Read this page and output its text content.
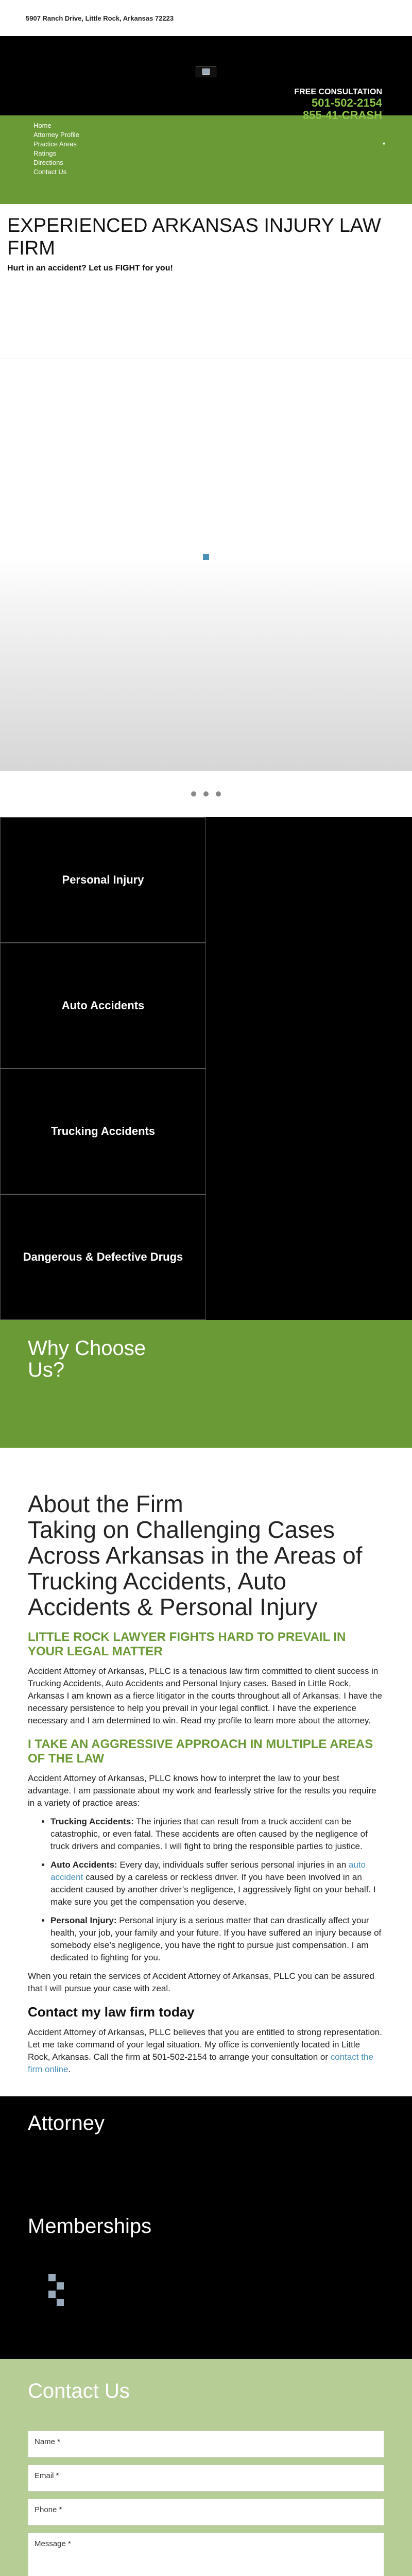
5907 Ranch Drive, Little Rock, Arkansas 72223
FREE CONSULTATION
501-502-2154
855-41-CRASH
Home
Attorney Profile
Practice Areas	▼
Ratings
Directions
Contact Us
EXPERIENCED ARKANSAS INJURY LAW FIRM
Hurt in an accident? Let us FIGHT for you!
Personal Injury
Auto Accidents
Trucking Accidents
Dangerous & Defective Drugs
Why Choose Us?
About the Firm
Taking on Challenging Cases Across Arkansas in the Areas of Trucking Accidents, Auto Accidents & Personal Injury
LITTLE ROCK LAWYER FIGHTS HARD TO PREVAIL IN YOUR LEGAL MATTER

Accident Attorney of Arkansas, PLLC is a tenacious law firm committed to client success in Trucking Accidents, Auto Accidents and Personal Injury cases. Based in Little Rock, Arkansas I am known as a fierce litigator in the courts throughout all of Arkansas. I have the necessary persistence to help you prevail in your legal conflict. I have the experience necessary and I am determined to win. Read my profile to learn more about the attorney.

I TAKE AN AGGRESSIVE APPROACH IN MULTIPLE AREAS OF THE LAW

Accident Attorney of Arkansas, PLLC knows how to interpret the law to your best advantage. I am passionate about my work and fearlessly strive for the results you require in a variety of practice areas:

• Trucking Accidents: The injuries that can result from a truck accident can be catastrophic, or even fatal. These accidents are often caused by the negligence of truck drivers and companies. I will fight to bring the responsible parties to justice.
• Auto Accidents: Every day, individuals suffer serious personal injuries in an auto accident caused by a careless or reckless driver. If you have been involved in an accident caused by another driver’s negligence, I aggressively fight on your behalf. I make sure you get the compensation you deserve.
• Personal Injury: Personal injury is a serious matter that can drastically affect your health, your job, your family and your future. If you have suffered an injury because of somebody else’s negligence, you have the right to pursue just compensation. I am dedicated to fighting for you.

When you retain the services of Accident Attorney of Arkansas, PLLC you can be assured that I will pursue your case with zeal.

Contact my law firm today

Accident Attorney of Arkansas, PLLC believes that you are entitled to strong representation. Let me take command of your legal situation. My office is conveniently located in Little Rock, Arkansas. Call the firm at 501-502-2154 to arrange your consultation or contact the firm online.

Attorney
Memberships
Contact Us
Name *
Email *
Phone *
Message *
